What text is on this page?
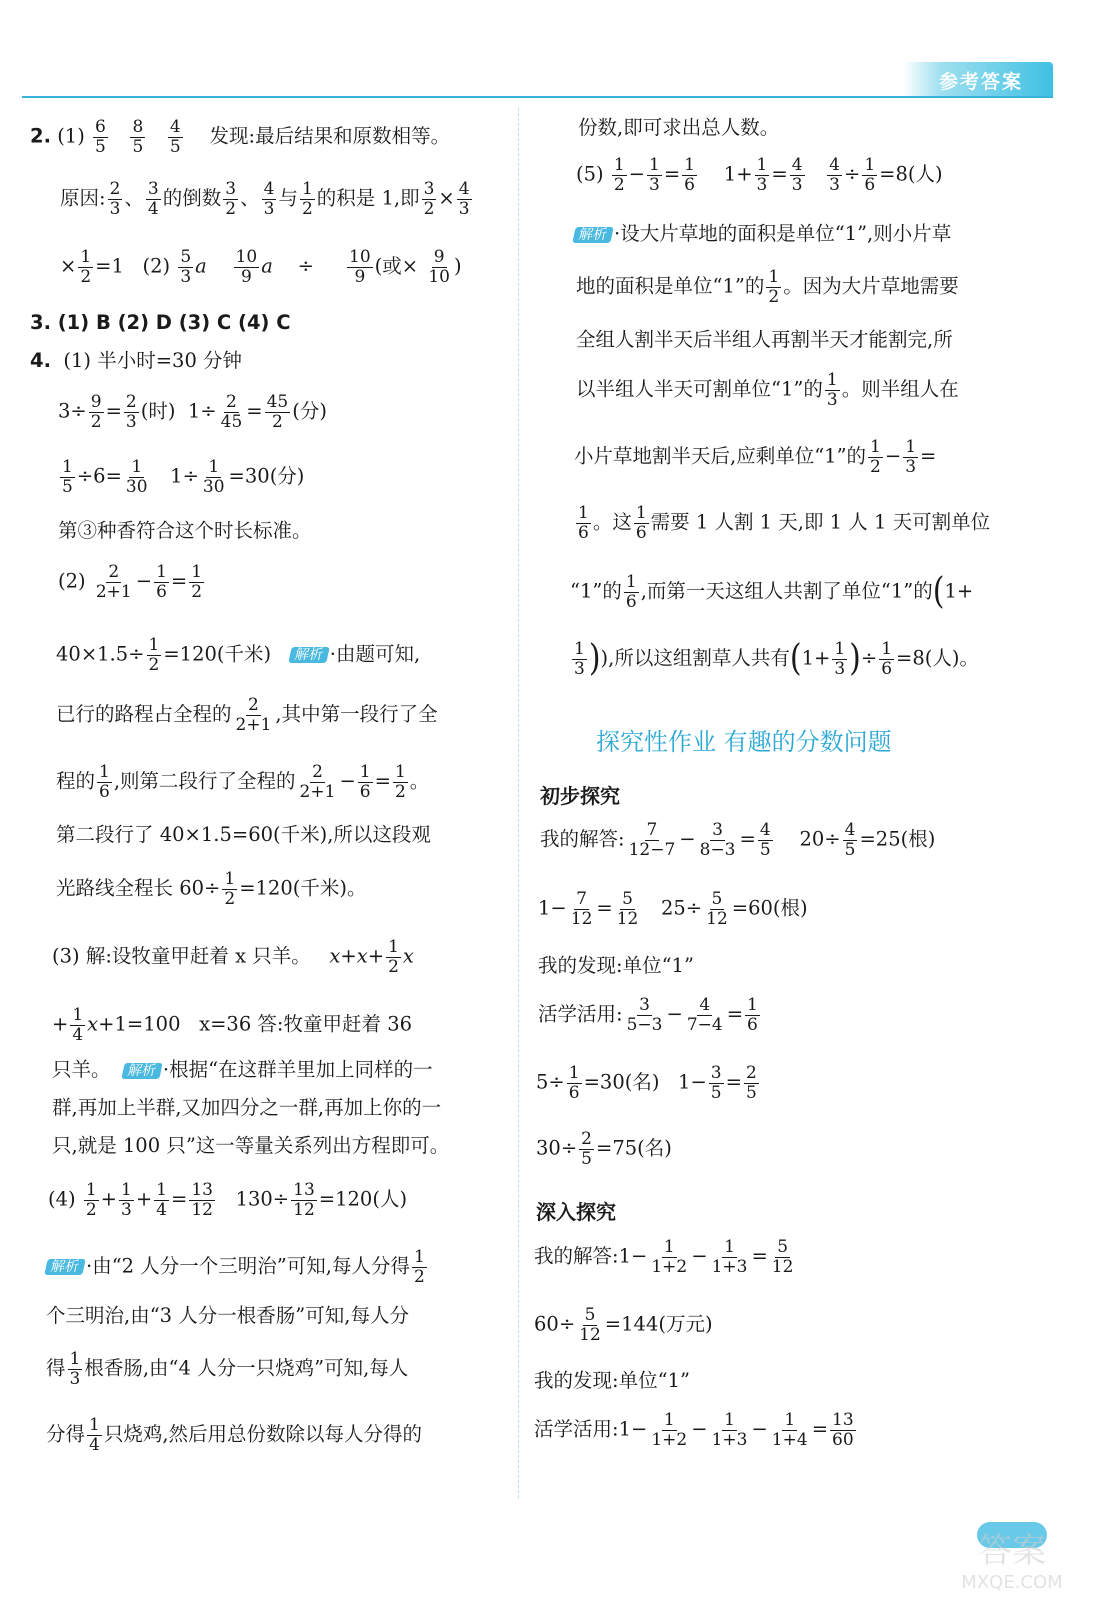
参考答案
2. $(1) \frac{6}{5}$
$\frac{8}{5}$
$\frac{4}{5}$ 发现:最后结果和原数相等。
原因: $\frac{2}{3}$ 、 $\frac{3}{4}$ 的倒数 $\frac{3}{2}$ 、 $\frac{4}{3}$ 与 $\frac{1}{2}$ 的积是 1,即 $\frac{3}{2} \times \frac{4}{3}$
× $\frac{1}{2} =1$   $(2) \frac{5}{3}$ a $\frac{10}{9}$ a    ÷ $\frac{10}{9}$ (或× $\frac{9}{10}$ )
3. (1) B (2) D (3) C (4) C
4. (1) 半小时=30 分钟
$3\div \frac{9}{2} = \frac{2}{3}$ (时)  $1\div \frac{2}{45} = \frac{45}{2}$ (分)
$\frac{1}{5} \div 6= \frac{1}{30} 1\div \frac{1}{30} =30$(分)
第③种香符合这个时长标准。
$(2) \frac{2}{2+1} - \frac{1}{6} = \frac{1}{2}$
$40\times 1.5\div \frac{1}{2} =120$(千米) 解析 ·由题可知,
已行的路程占全程的 $\frac{2}{2+1}$ ,其中第一段行了全
程的 $\frac{1}{6}$ ,则第二段行了全程的 $\frac{2}{2+1} - \frac{1}{6} = \frac{1}{2}$ 。
第二段行了 40×1.5=60(千米),所以这段观
光路线全程长 $60\div \frac{1}{2} =120$(千米)。
(3) 解:设牧童甲赶着 x 只羊。 $x+x+ \frac{1}{2}$ x
+ $\frac{1}{4} x+1=100$   x=36 答:牧童甲赶着 36
只羊。 解析 ·根据“在这群羊里加上同样的一
群,再加上半群,又加四分之一群,再加上你的一
只,就是 100 只”这一等量关系列出方程即可。
$(4) \frac{1}{2} + \frac{1}{3} + \frac{1}{4} = \frac{13}{12} 130\div \frac{13}{12} =120$(人)
解析 ·由“2 人分一个三明治”可知,每人分得 $\frac{1}{2}$
个三明治,由“3 人分一根香肠”可知,每人分
得 $\frac{1}{3}$ 根香肠,由“4 人分一只烧鸡”可知,每人
分得 $\frac{1}{4}$ 只烧鸡,然后用总份数除以每人分得的
份数,即可求出总人数。
$(5) \frac{1}{2} - \frac{1}{3} = \frac{1}{6} 1+ \frac{1}{3} = \frac{4}{3}$
$\frac{4}{3} \div \frac{1}{6} =8$(人)
解析 ·设大片草地的面积是单位“1”,则小片草
地的面积是单位“1”的 $\frac{1}{2}$ 。因为大片草地需要
全组人割半天后半组人再割半天才能割完,所
以半组人半天可割单位“1”的 $\frac{1}{3}$ 。则半组人在
小片草地割半天后,应剩单位“1”的 $\frac{1}{2} - \frac{1}{3}$ =
$\frac{1}{6}$ 。这 $\frac{1}{6}$ 需要 1 人割 1 天,即 1 人 1 天可割单位
“1”的 $\frac{1}{6}$ ,而第一天这组人共割了单位“1”的(1+
$\frac{1}{3}$ )),所以这组割草人共有($1+ \frac{1}{3}$ )÷ $\frac{1}{6} =8$(人)。
探究性作业 有趣的分数问题
初步探究
我的解答: $\frac{7}{12-7} - \frac{3}{8-3} = \frac{4}{5} 20\div \frac{4}{5} =25$(根)
$1- \frac{7}{12} = \frac{5}{12} 25\div \frac{5}{12} =60$(根)
我的发现:单位“1”
活学活用: $\frac{3}{5-3} - \frac{4}{7-4} = \frac{1}{6}$
$5\div \frac{1}{6} =30$(名)   $1- \frac{3}{5} = \frac{2}{5}$
$30\div \frac{2}{5} =75$(名)
深入探究
我的解答:1− $\frac{1}{1+2} - \frac{1}{1+3} = \frac{5}{12}$
$60\div \frac{5}{12} =144$(万元)
我的发现:单位“1”
活学活用:1− $\frac{1}{1+2} - \frac{1}{1+3} - \frac{1}{1+4} = \frac{13}{60}$
答案
MXQE.COM
